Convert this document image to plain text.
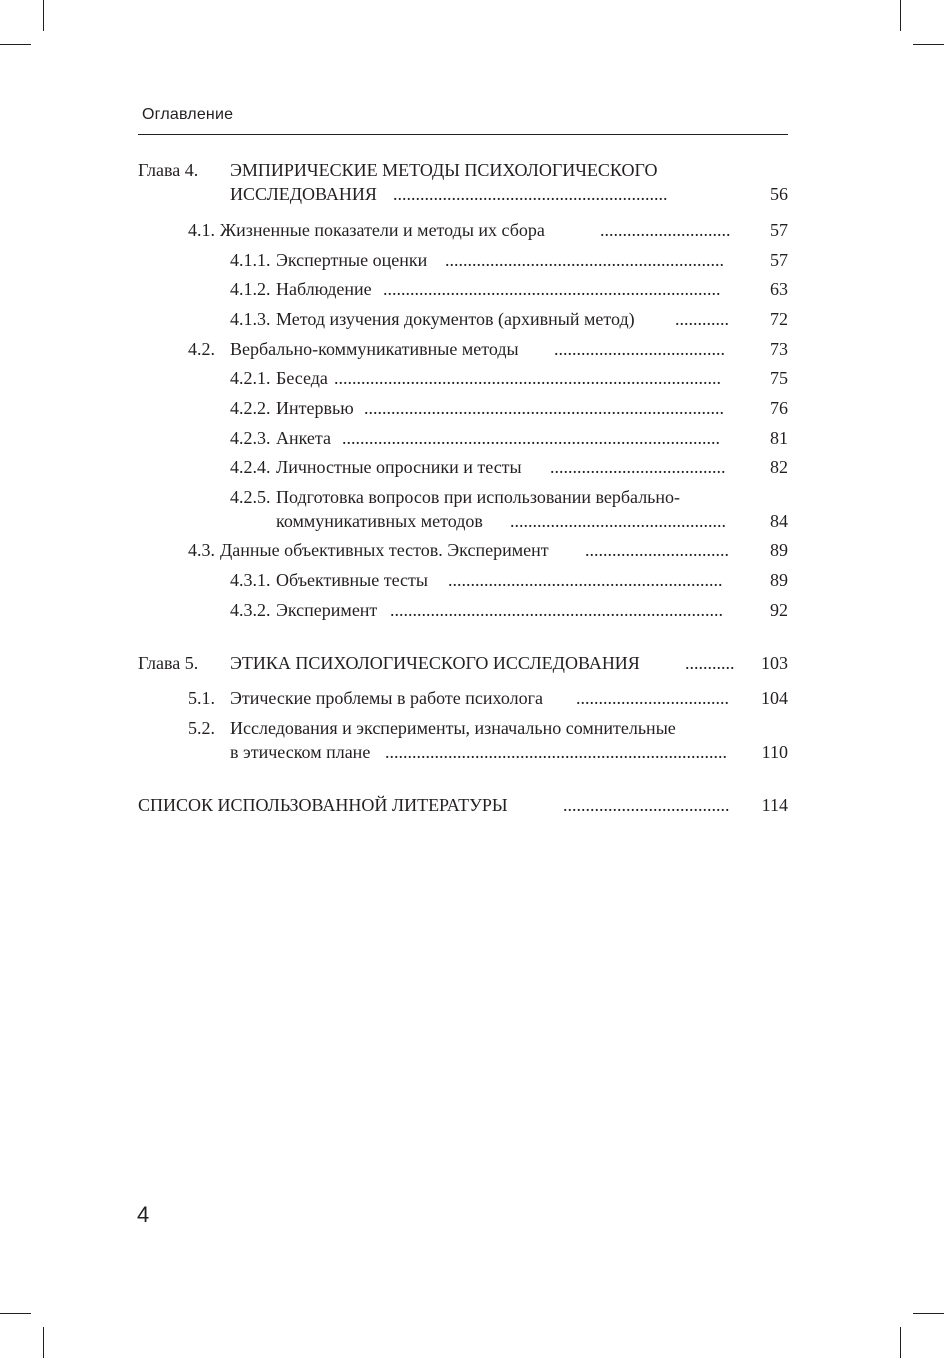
Оглавление
Глава 4. ЭМПИРИЧЕСКИЕ МЕТОДЫ ПСИХОЛОГИЧЕСКОГО
ИССЛЕДОВАНИЯ .............................................................	56
4.1. Жизненные показатели и методы их сбора	............................. 57
4.1.1. Экспертные оценки ..............................................................	57
4.1.2. Наблюдение ...........................................................................	63
4.1.3. Метод изучения документов (архивный метод) ............ 72
4.2. Вербально-коммуникативные методы ......................................	73
4.2.1. Беседа ......................................................................................	75
4.2.2. Интервью ................................................................................	76
4.2.3. Анкета ....................................................................................	81
4.2.4. Личностные опросники и тесты ....................................... 82
4.2.5. Подготовка вопросов при использовании вербально-
коммуникативных методов ................................................ 84
4.3. Данные объективных тестов. Эксперимент ................................ 89
4.3.1. Объективные тесты .............................................................	89
4.3.2. Эксперимент ..........................................................................	92
Глава 5. ЭТИКА ПСИХОЛОГИЧЕСКОГО ИССЛЕДОВАНИЯ	........... 103
5.1. Этические проблемы в работе психолога .................................. 104
5.2. Исследования и эксперименты, изначально сомнительные
в этическом плане ............................................................................	110
СПИСОК ИСПОЛЬЗОВАННОЙ ЛИТЕРАТУРЫ	..................................... 114
4
